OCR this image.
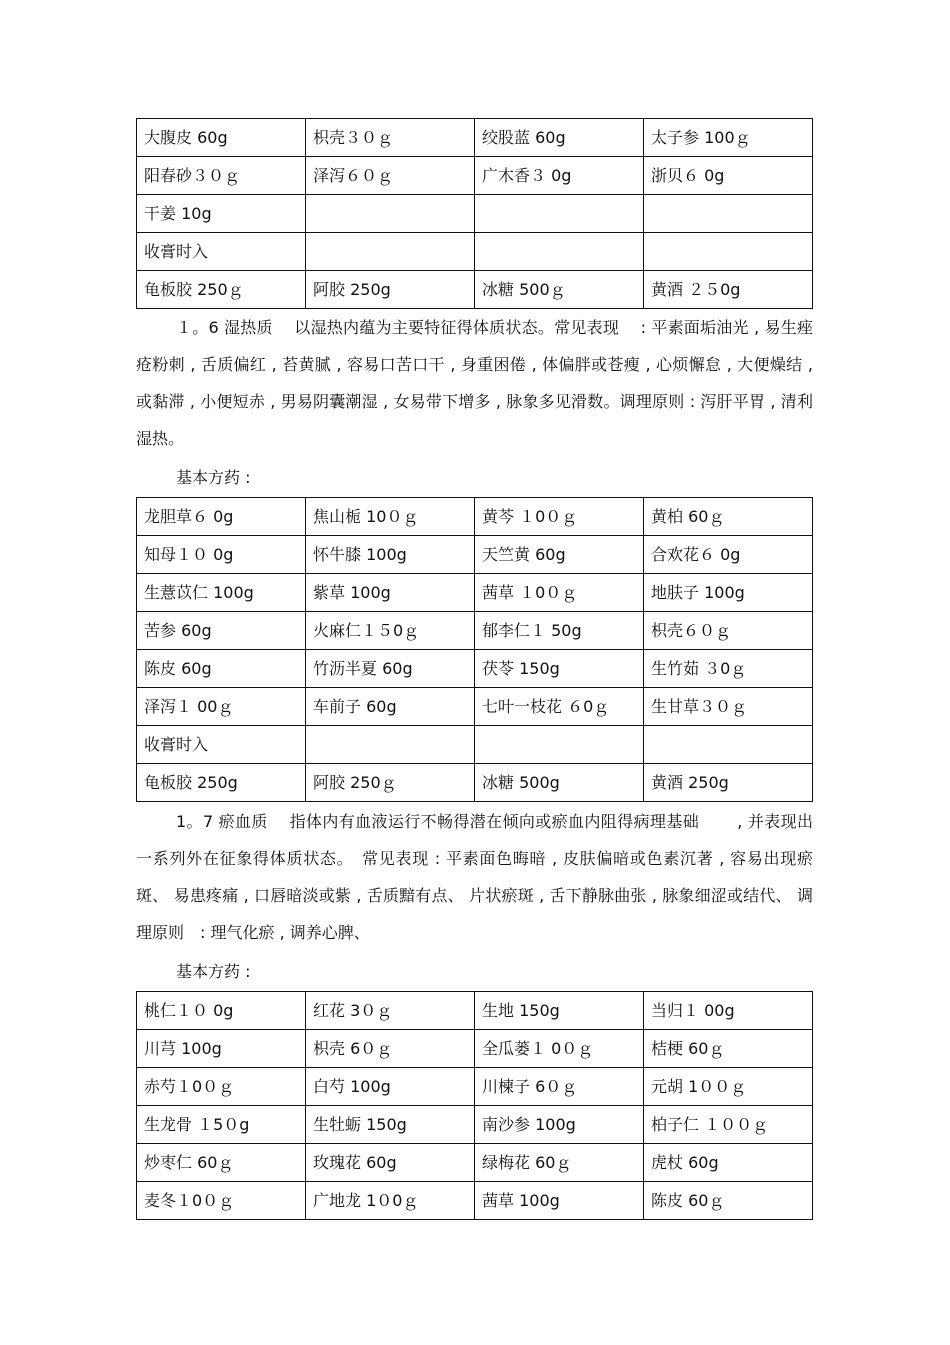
大腹皮 60g	枳壳３０ｇ	绞股蓝 60g	太子参 100ｇ
阳春砂３０ｇ	泽泻６０ｇ	广木香３ 0g	浙贝６ 0g
干姜 10g			
收膏时入			
龟板胶 250ｇ	阿胶 250g	冰糖 500ｇ	黄酒 ２５0g

１。6 湿热质　 以湿热内蕴为主要特征得体质状态。常见表现　 : 平素面垢油光 , 易生痤疮粉刺 , 舌质偏红 , 苔黄腻 , 容易口苦口干 , 身重困倦 , 体偏胖或苍瘦 , 心烦懈怠 , 大便燥结 , 或黏滞 , 小便短赤 , 男易阴囊潮湿 , 女易带下增多 , 脉象多见滑数。调理原则 : 泻肝平胃 , 清利湿热。

基本方药 :

龙胆草６ 0g	焦山栀 10０ｇ	黄芩 １0０ｇ	黄柏 60ｇ
知母１０ 0g	怀牛膝 100g	天竺黄 60g	合欢花６ 0g
生薏苡仁 100g	紫草 100g	茜草 １0０ｇ	地肤子 100g
苦参 60g	火麻仁１５0ｇ	郁李仁１ 50g	枳壳６０ｇ
陈皮 60g	竹沥半夏 60g	茯苓 150g	生竹茹 ３0ｇ
泽泻１ 00ｇ	车前子 60g	七叶一枝花 ６0ｇ	生甘草３０ｇ
收膏时入			
龟板胶 250g	阿胶 250ｇ	冰糖 500g	黄酒 250g

1。7 瘀血质　 指体内有血液运行不畅得潜在倾向或瘀血内阻得病理基础　　 , 并表现出一系列外在征象得体质状态。　常见表现 : 平素面色晦暗 , 皮肤偏暗或色素沉著 , 容易出现瘀斑、 易患疼痛 , 口唇暗淡或紫 , 舌质黯有点、 片状瘀斑 , 舌下静脉曲张 , 脉象细涩或结代、 调理原则　: 理气化瘀 , 调养心脾、

基本方药 :

桃仁１０ 0g	红花 3０ｇ	生地 150g	当归１ 00g
川芎 100g	枳壳 6０ｇ	全瓜蒌１ 0０ｇ	桔梗 60ｇ
赤芍１0０ｇ	白芍 100g	川楝子 6０ｇ	元胡 1００ｇ
生龙骨 １5０g	生牡蛎 150g	南沙参 100g	柏子仁 １００ｇ
炒枣仁 60ｇ	玫瑰花 60g	绿梅花 60ｇ	虎杖 60g
麦冬１0０ｇ	广地龙 1０0ｇ	茜草 100g	陈皮 60ｇ
